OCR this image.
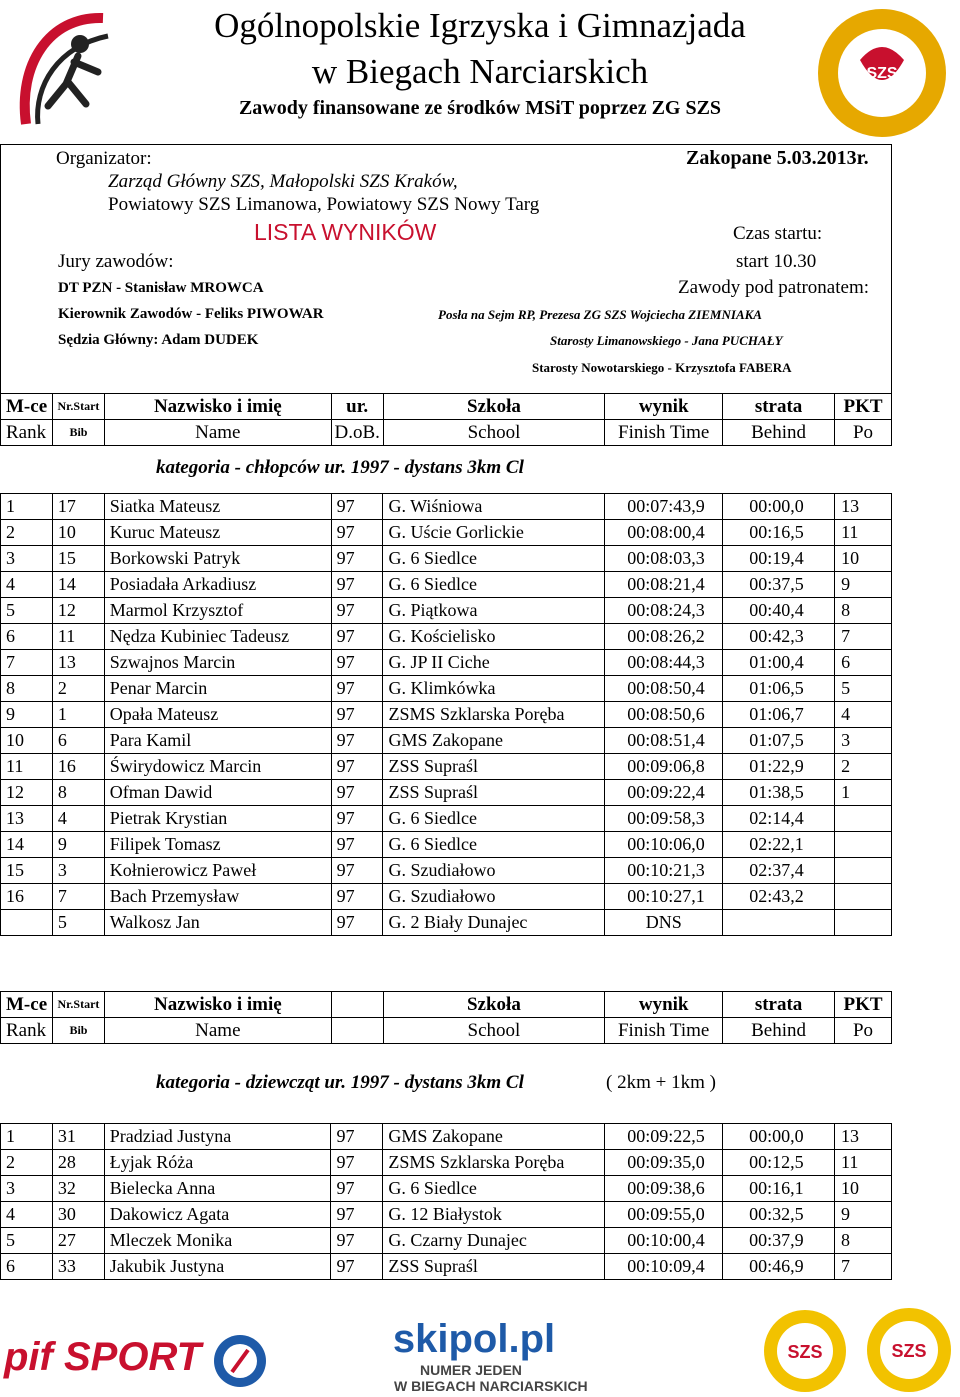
SZS
Ogólnopolskie Igrzyska i Gimnazjada
w Biegach Narciarskich
Zawody finansowane ze środków MSiT poprzez ZG SZS
Organizator:
Zarząd Główny SZS, Małopolski SZS Kraków,
Powiatowy SZS Limanowa, Powiatowy SZS Nowy Targ
Zakopane 5.03.2013r.
LISTA WYNIKÓW	Czas startu:
Jury zawodów:	start 10.30
DT PZN - Stanisław MROWCA
Kierownik Zawodów - Feliks PIWOWAR
Sędzia Główny: Adam DUDEK
Zawody pod patronatem:
Posła na Sejm RP, Prezesa ZG SZS Wojciecha ZIEMNIAKA
Starosty Limanowskiego - Jana PUCHAŁY
Starosty Nowotarskiego - Krzysztofa FABERA
M-ce	Nr.Start	Nazwisko i imię	ur.	Szkoła	wynik	strata	PKT
Rank	Bib	Name	D.oB.	School	Finish Time	Behind	Po
kategoria - chłopców ur. 1997 - dystans 3km Cl
1	17	Siatka Mateusz	97	G. Wiśniowa	00:07:43,9	00:00,0	13
2	10	Kuruc Mateusz	97	G. Uście Gorlickie	00:08:00,4	00:16,5	11
3	15	Borkowski Patryk	97	G. 6 Siedlce	00:08:03,3	00:19,4	10
4	14	Posiadała Arkadiusz	97	G. 6 Siedlce	00:08:21,4	00:37,5	9
5	12	Marmol Krzysztof	97	G. Piątkowa	00:08:24,3	00:40,4	8
6	11	Nędza Kubiniec Tadeusz	97	G. Kościelisko	00:08:26,2	00:42,3	7
7	13	Szwajnos Marcin	97	G. JP II Ciche	00:08:44,3	01:00,4	6
8	2	Penar Marcin	97	G. Klimkówka	00:08:50,4	01:06,5	5
9	1	Opała Mateusz	97	ZSMS Szklarska Poręba	00:08:50,6	01:06,7	4
10	6	Para Kamil	97	GMS Zakopane	00:08:51,4	01:07,5	3
11	16	Świrydowicz Marcin	97	ZSS Supraśl	00:09:06,8	01:22,9	2
12	8	Ofman Dawid	97	ZSS Supraśl	00:09:22,4	01:38,5	1
13	4	Pietrak Krystian	97	G. 6 Siedlce	00:09:58,3	02:14,4	
14	9	Filipek Tomasz	97	G. 6 Siedlce	00:10:06,0	02:22,1	
15	3	Kołnierowicz Paweł	97	G. Szudiałowo	00:10:21,3	02:37,4	
16	7	Bach Przemysław	97	G. Szudiałowo	00:10:27,1	02:43,2	
	5	Walkosz Jan	97	G. 2 Biały Dunajec	DNS		
M-ce	Nr.Start	Nazwisko i imię		Szkoła	wynik	strata	PKT
Rank	Bib	Name		School	Finish Time	Behind	Po
kategoria - dziewcząt ur. 1997 - dystans 3km Cl	( 2km + 1km )
1	31	Pradziad Justyna	97	GMS Zakopane	00:09:22,5	00:00,0	13
2	28	Łyjak Róża	97	ZSMS Szklarska Poręba	00:09:35,0	00:12,5	11
3	32	Bielecka Anna	97	G. 6 Siedlce	00:09:38,6	00:16,1	10
4	30	Dakowicz Agata	97	G. 12 Białystok	00:09:55,0	00:32,5	9
5	27	Mleczek Monika	97	G. Czarny Dunajec	00:10:00,4	00:37,9	8
6	33	Jakubik Justyna	97	ZSS Supraśl	00:10:09,4	00:46,9	7
pif SPORT	skipol.pl
NUMER JEDEN
W BIEGACH NARCIARSKICH
SZS	SZS
